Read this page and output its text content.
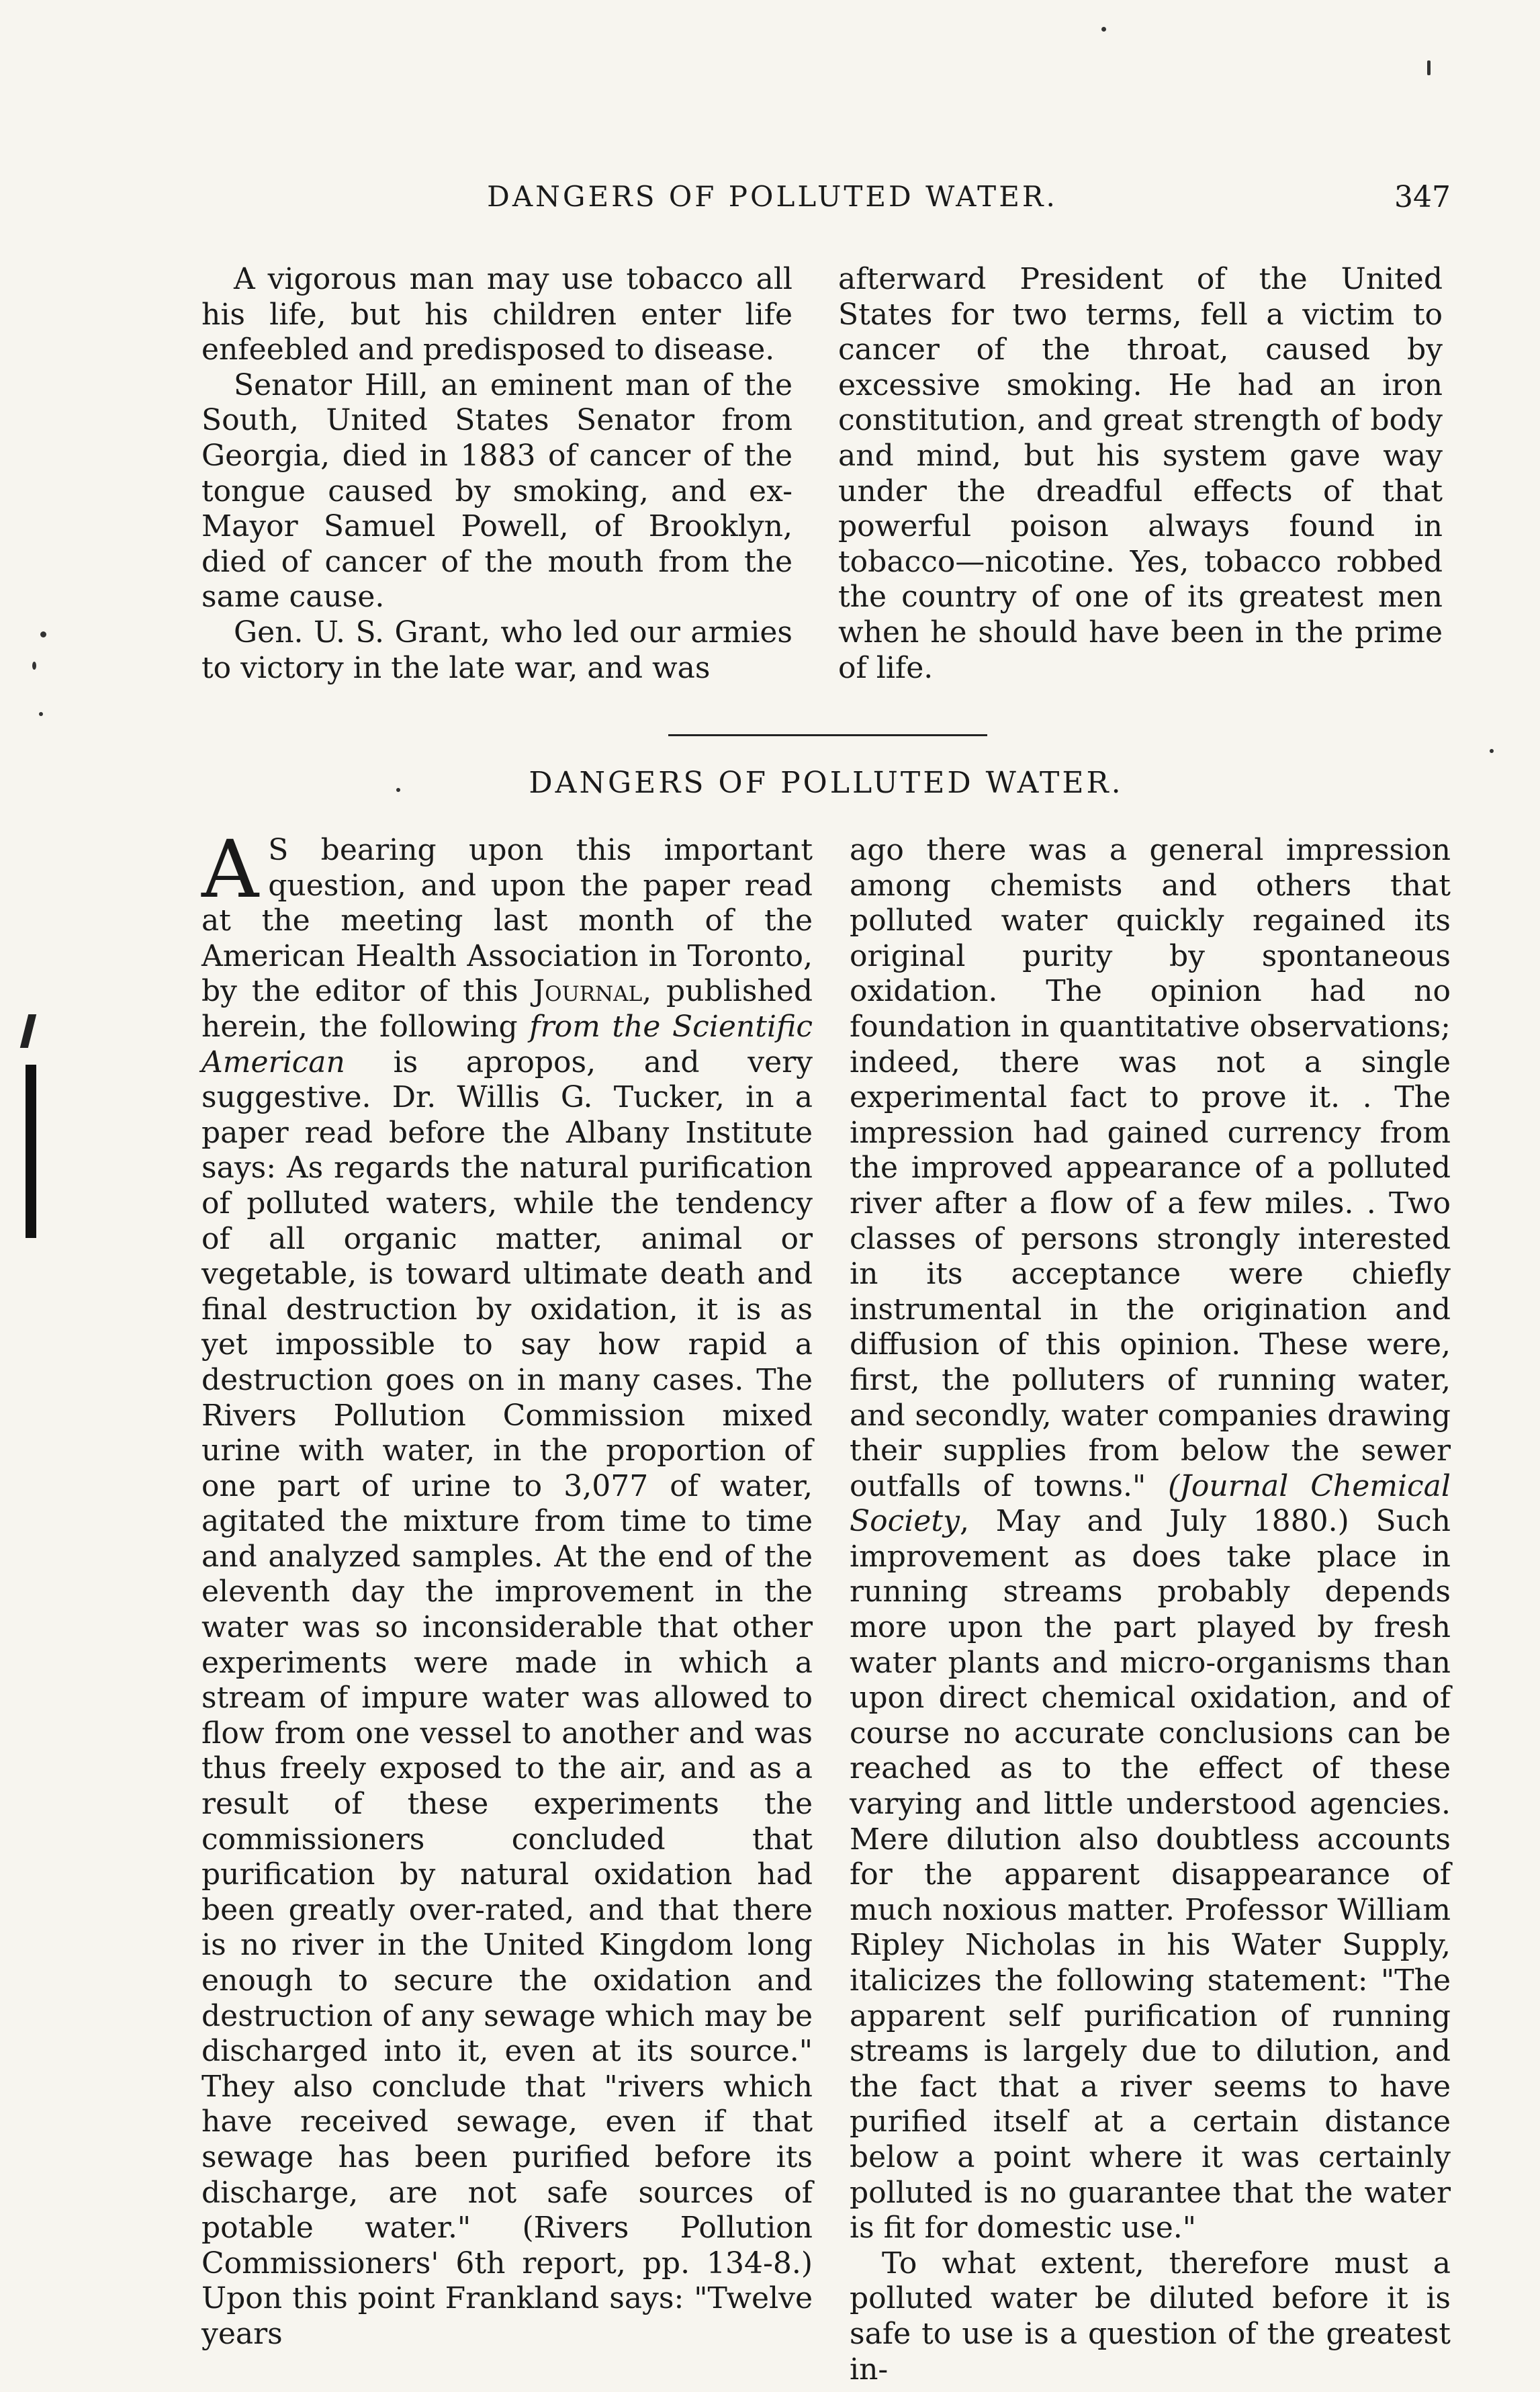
DANGERS OF POLLUTED WATER.	347

A vigorous man may use tobacco all his life, but his children enter life enfeebled and predisposed to disease.

Senator Hill, an eminent man of the South, United States Senator from Georgia, died in 1883 of cancer of the tongue caused by smoking, and ex-Mayor Samuel Powell, of Brooklyn, died of cancer of the mouth from the same cause.

Gen. U. S. Grant, who led our armies to victory in the late war, and was

afterward President of the United States for two terms, fell a victim to cancer of the throat, caused by excessive smoking. He had an iron constitution, and great strength of body and mind, but his system gave way under the dreadful effects of that powerful poison always found in tobacco—nicotine. Yes, tobacco robbed the country of one of its greatest men when he should have been in the prime of life.

DANGERS OF POLLUTED WATER.

A S bearing upon this important question, and upon the paper read at the meeting last month of the American Health Association in Toronto, by the editor of this Journal, published herein, the following from the Scientific American is apropos, and very suggestive. Dr. Willis G. Tucker, in a paper read before the Albany Institute says: As regards the natural purification of polluted waters, while the tendency of all organic matter, animal or vegetable, is toward ultimate death and final destruction by oxidation, it is as yet impossible to say how rapid a destruction goes on in many cases. The Rivers Pollution Commission mixed urine with water, in the proportion of one part of urine to 3,077 of water, agitated the mixture from time to time and analyzed samples. At the end of the eleventh day the improvement in the water was so inconsiderable that other experiments were made in which a stream of impure water was allowed to flow from one vessel to another and was thus freely exposed to the air, and as a result of these experiments the commissioners concluded that purification by natural oxidation had been greatly over-rated, and that there is no river in the United Kingdom long enough to secure the oxidation and destruction of any sewage which may be discharged into it, even at its source." They also conclude that "rivers which have received sewage, even if that sewage has been purified before its discharge, are not safe sources of potable water." (Rivers Pollution Commissioners' 6th report, pp. 134-8.) Upon this point Frankland says: "Twelve years

ago there was a general impression among chemists and others that polluted water quickly regained its original purity by spontaneous oxidation. The opinion had no foundation in quantitative observations; indeed, there was not a single experimental fact to prove it. . The impression had gained currency from the improved appearance of a polluted river after a flow of a few miles. . Two classes of persons strongly interested in its acceptance were chiefly instrumental in the origination and diffusion of this opinion. These were, first, the polluters of running water, and secondly, water companies drawing their supplies from below the sewer outfalls of towns." (Journal Chemical Society, May and July 1880.) Such improvement as does take place in running streams probably depends more upon the part played by fresh water plants and micro-organisms than upon direct chemical oxidation, and of course no accurate conclusions can be reached as to the effect of these varying and little understood agencies. Mere dilution also doubtless accounts for the apparent disappearance of much noxious matter. Professor William Ripley Nicholas in his Water Supply, italicizes the following statement: "The apparent self purification of running streams is largely due to dilution, and the fact that a river seems to have purified itself at a certain distance below a point where it was certainly polluted is no guarantee that the water is fit for domestic use."

To what extent, therefore must a polluted water be diluted before it is safe to use is a question of the greatest in-
